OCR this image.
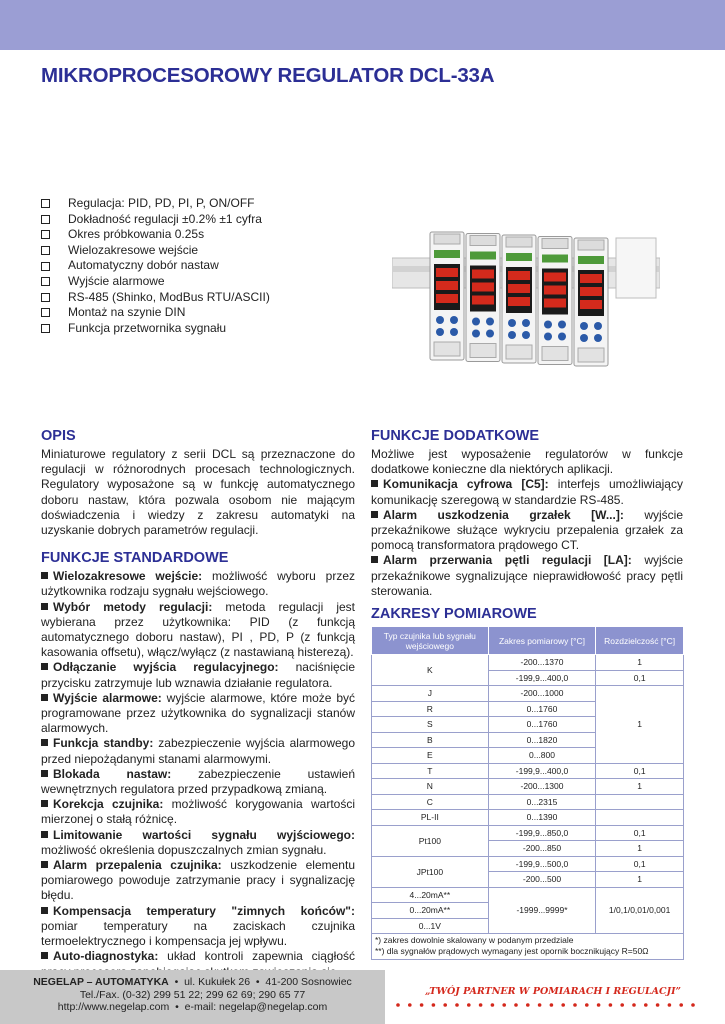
MIKROPROCESOROWY REGULATOR DCL-33A
Regulacja: PID, PD, PI, P, ON/OFF
Dokładność regulacji ±0.2% ±1 cyfra
Okres próbkowania 0.25s
Wielozakresowe wejście
Automatyczny dobór nastaw
Wyjście alarmowe
RS-485 (Shinko, ModBus RTU/ASCII)
Montaż na szynie DIN
Funkcja przetwornika sygnału
OPIS

Miniaturowe regulatory z serii DCL są przeznaczone do regulacji w różnorodnych procesach technologicznych. Regulatory wyposażone są w funkcję automatycznego doboru nastaw, która pozwala osobom nie mającym doświadczenia i wiedzy z zakresu automatyki na uzyskanie dobrych parametrów regulacji.

FUNKCJE STANDARDOWE

Wielozakresowe wejście: możliwość wyboru przez użytkownika rodzaju sygnału wejściowego.

Wybór metody regulacji: metoda regulacji jest wybierana przez użytkownika: PID (z funkcją automatycznego doboru nastaw), PI , PD, P (z funkcją kasowania offsetu), włącz/wyłącz (z nastawianą histerezą).

Odłączanie wyjścia regulacyjnego: naciśnięcie przycisku zatrzymuje lub wznawia działanie regulatora.

Wyjście alarmowe: wyjście alarmowe, które może być programowane przez użytkownika do sygnalizacji stanów alarmowych.

Funkcja standby: zabezpieczenie wyjścia alarmowego przed niepożądanymi stanami alarmowymi.

Blokada nastaw: zabezpieczenie ustawień wewnętrznych regulatora przed przypadkową zmianą.

Korekcja czujnika: możliwość korygowania wartości mierzonej o stałą różnicę.

Limitowanie wartości sygnału wyjściowego: możliwość określenia dopuszczalnych zmian sygnału.

Alarm przepalenia czujnika: uszkodzenie elementu pomiarowego powoduje zatrzymanie pracy i sygnalizację błędu.

Kompensacja temperatury "zimnych końców": pomiar temperatury na zaciskach czujnika termoelektrycznego i kompensacja jej wpływu.

Auto-diagnostyka: układ kontroli zapewnia ciągłość

FUNKCJE DODATKOWE

Możliwe jest wyposażenie regulatorów w funkcje dodatkowe konieczne dla niektórych aplikacji.

Komunikacja cyfrowa [C5]: interfejs umożliwiający komunikację szeregową w standardzie RS-485.

Alarm uszkodzenia grzałek [W...]: wyjście przekaźnikowe służące wykryciu przepalenia grzałek za pomocą transformatora prądowego CT.

Alarm przerwania pętli regulacji [LA]: wyjście przekaźnikowe sygnalizujące nieprawidłowość pracy pętli sterowania.

ZAKRESY POMIAROWE
Typ czujnika lub sygnału wejściowego	Zakres pomiarowy [°C]	Rozdzielczość [°C]
K	-200...1370	1
	-199,9...400,0	0,1
J	-200...1000	1
R	0...1760	
S	0...1760	
B	0...1820	
E	0...800	
T	-199,9...400,0	0,1
N	-200...1300	1
C	0...2315	
PL-II	0...1390	
Pt100	-199,9...850,0	0,1
	-200...850	1
JPt100	-199,9...500,0	0,1
	-200...500	1
4...20mA**	-1999...9999*	1/0,1/0,01/0,001
0...20mA**		
0...1V		
*) zakres dowolnie skalowany w podanym przedziale
**) dla sygnałów prądowych wymagany jest opornik bocznikujący R=50Ω
NEGELAP – AUTOMATYKA  •  ul. Kukułek 26  •  41-200 Sosnowiec
Tel./Fax. (0-32) 299 51 22; 299 62 69; 290 65 77
http://www.negelap.com  •  e-mail: negelap@negelap.com
„TWÓJ PARTNER W POMIARACH I REGULACJI”
